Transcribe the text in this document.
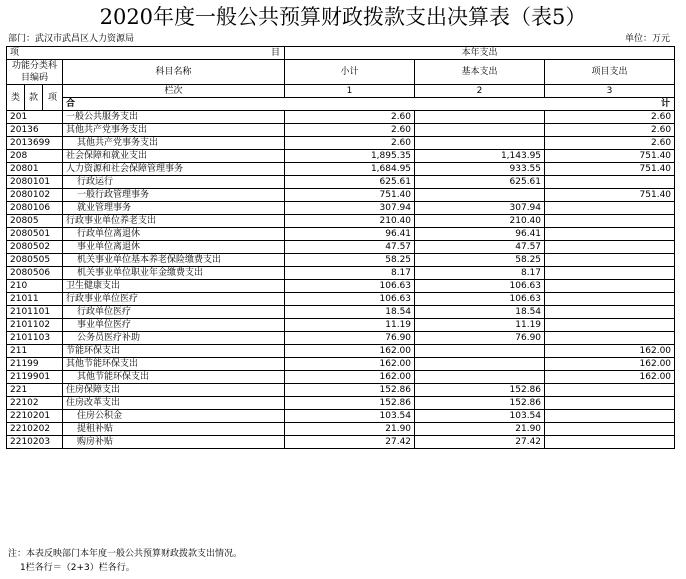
2020年度一般公共预算财政拨款支出决算表（表5）
部门：武汉市武昌区人力资源局	单位：万元
项 目				本年支出			
功能分类科目编码			科目名称	小计	基本支出	项目支出	
类	款	项					
			栏次	1	2	3	
			合 计

201			一般公共服务支出	2.60		2.60	
20136			其他共产党事务支出	2.60		2.60	
2013699			其他共产党事务支出	2.60		2.60	
208			社会保障和就业支出	1,895.35	1,143.95	751.40	
20801			人力资源和社会保障管理事务	1,684.95	933.55	751.40	
2080101			行政运行	625.61	625.61		
2080102			一般行政管理事务	751.40		751.40	
2080106			就业管理事务	307.94	307.94		
20805			行政事业单位养老支出	210.40	210.40		
2080501			行政单位离退休	96.41	96.41		
2080502			事业单位离退休	47.57	47.57		
2080505			机关事业单位基本养老保险缴费支出	58.25	58.25		
2080506			机关事业单位职业年金缴费支出	8.17	8.17		
210			卫生健康支出	106.63	106.63		
21011			行政事业单位医疗	106.63	106.63		
2101101			行政单位医疗	18.54	18.54		
2101102			事业单位医疗	11.19	11.19		
2101103			公务员医疗补助	76.90	76.90		
211			节能环保支出	162.00		162.00	
21199			其他节能环保支出	162.00		162.00	
2119901			其他节能环保支出	162.00		162.00	
221			住房保障支出	152.86	152.86		
22102			住房改革支出	152.86	152.86		
2210201			住房公积金	103.54	103.54		
2210202			提租补贴	21.90	21.90		
2210203			购房补贴	27.42	27.42		
注：本表反映部门本年度一般公共预算财政拨款支出情况。
1栏各行＝（2+3）栏各行。
